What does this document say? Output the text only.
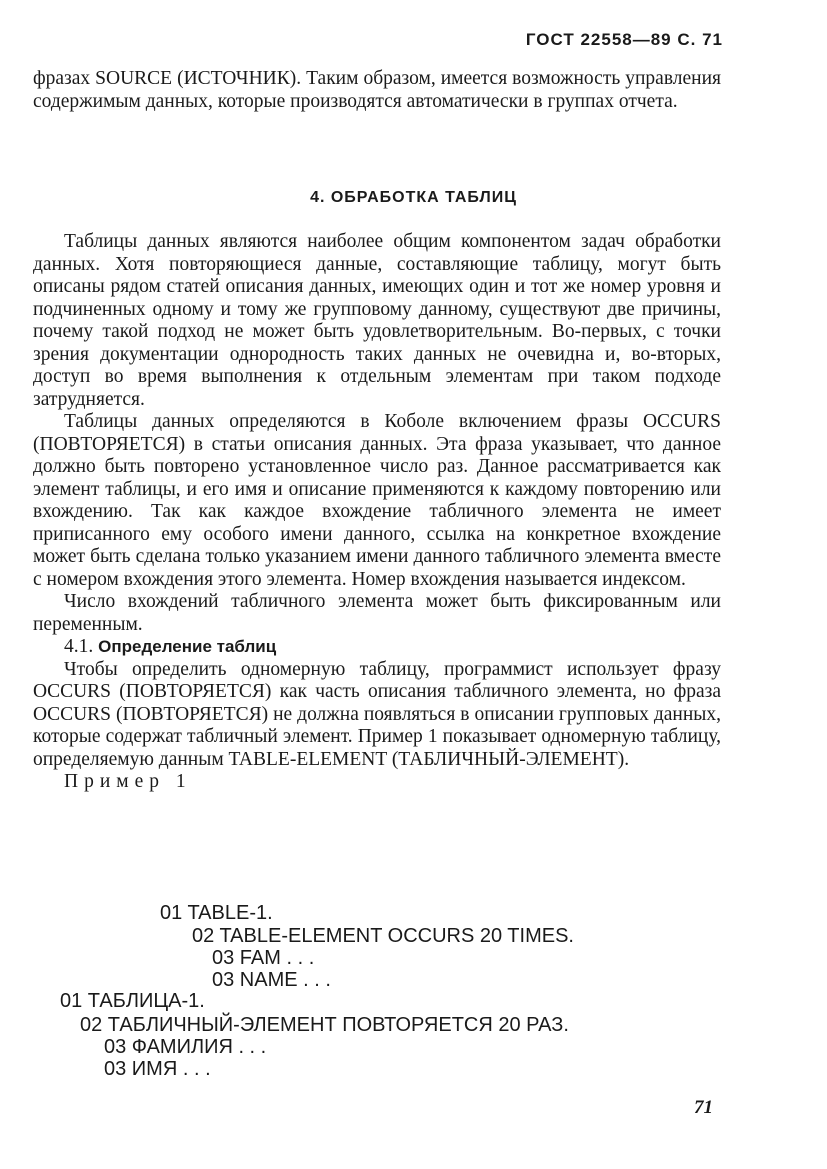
ГОСТ 22558—89 С. 71

фразах SOURCE (ИСТОЧНИК). Таким образом, имеется возможность управления содержимым данных, которые производятся автоматически в группах отчета.

4. ОБРАБОТКА ТАБЛИЦ

Таблицы данных являются наиболее общим компонентом задач обработки данных. Хотя повторяющиеся данные, составляющие таблицу, могут быть описаны рядом статей описания данных, имеющих один и тот же номер уровня и подчиненных одному и тому же групповому данному, существуют две причины, почему такой подход не может быть удовлетворительным. Во-первых, с точки зрения документации однородность таких данных не очевидна и, во-вторых, доступ во время выполнения к отдельным элементам при таком подходе затрудняется.

Таблицы данных определяются в Коболе включением фразы OCCURS (ПОВТОРЯЕТСЯ) в статьи описания данных. Эта фраза указывает, что данное должно быть повторено установленное число раз. Данное рассматривается как элемент таблицы, и его имя и описание применяются к каждому повторению или вхождению. Так как каждое вхождение табличного элемента не имеет приписанного ему особого имени данного, ссылка на конкретное вхождение может быть сделана только указанием имени данного табличного элемента вместе с номером вхождения этого элемента. Номер вхождения называется индексом.

Число вхождений табличного элемента может быть фиксированным или переменным.

4.1. Определение таблиц

Чтобы определить одномерную таблицу, программист использует фразу OCCURS (ПОВТОРЯЕТСЯ) как часть описания табличного элемента, но фраза OCCURS (ПОВТОРЯЕТСЯ) не должна появляться в описании групповых данных, которые содержат табличный элемент. Пример 1 показывает одномерную таблицу, определяемую данным TABLE-ELEMENT (ТАБЛИЧНЫЙ-ЭЛЕМЕНТ).

Пример 1

01 TABLE-1.
02 TABLE-ELEMENT OCCURS 20 TIMES.
03 FAM . . .
03 NAME . . .
01 ТАБЛИЦА-1.
02 ТАБЛИЧНЫЙ-ЭЛЕМЕНТ ПОВТОРЯЕТСЯ 20 РАЗ.
03 ФАМИЛИЯ . . .
03 ИМЯ . . .
71
